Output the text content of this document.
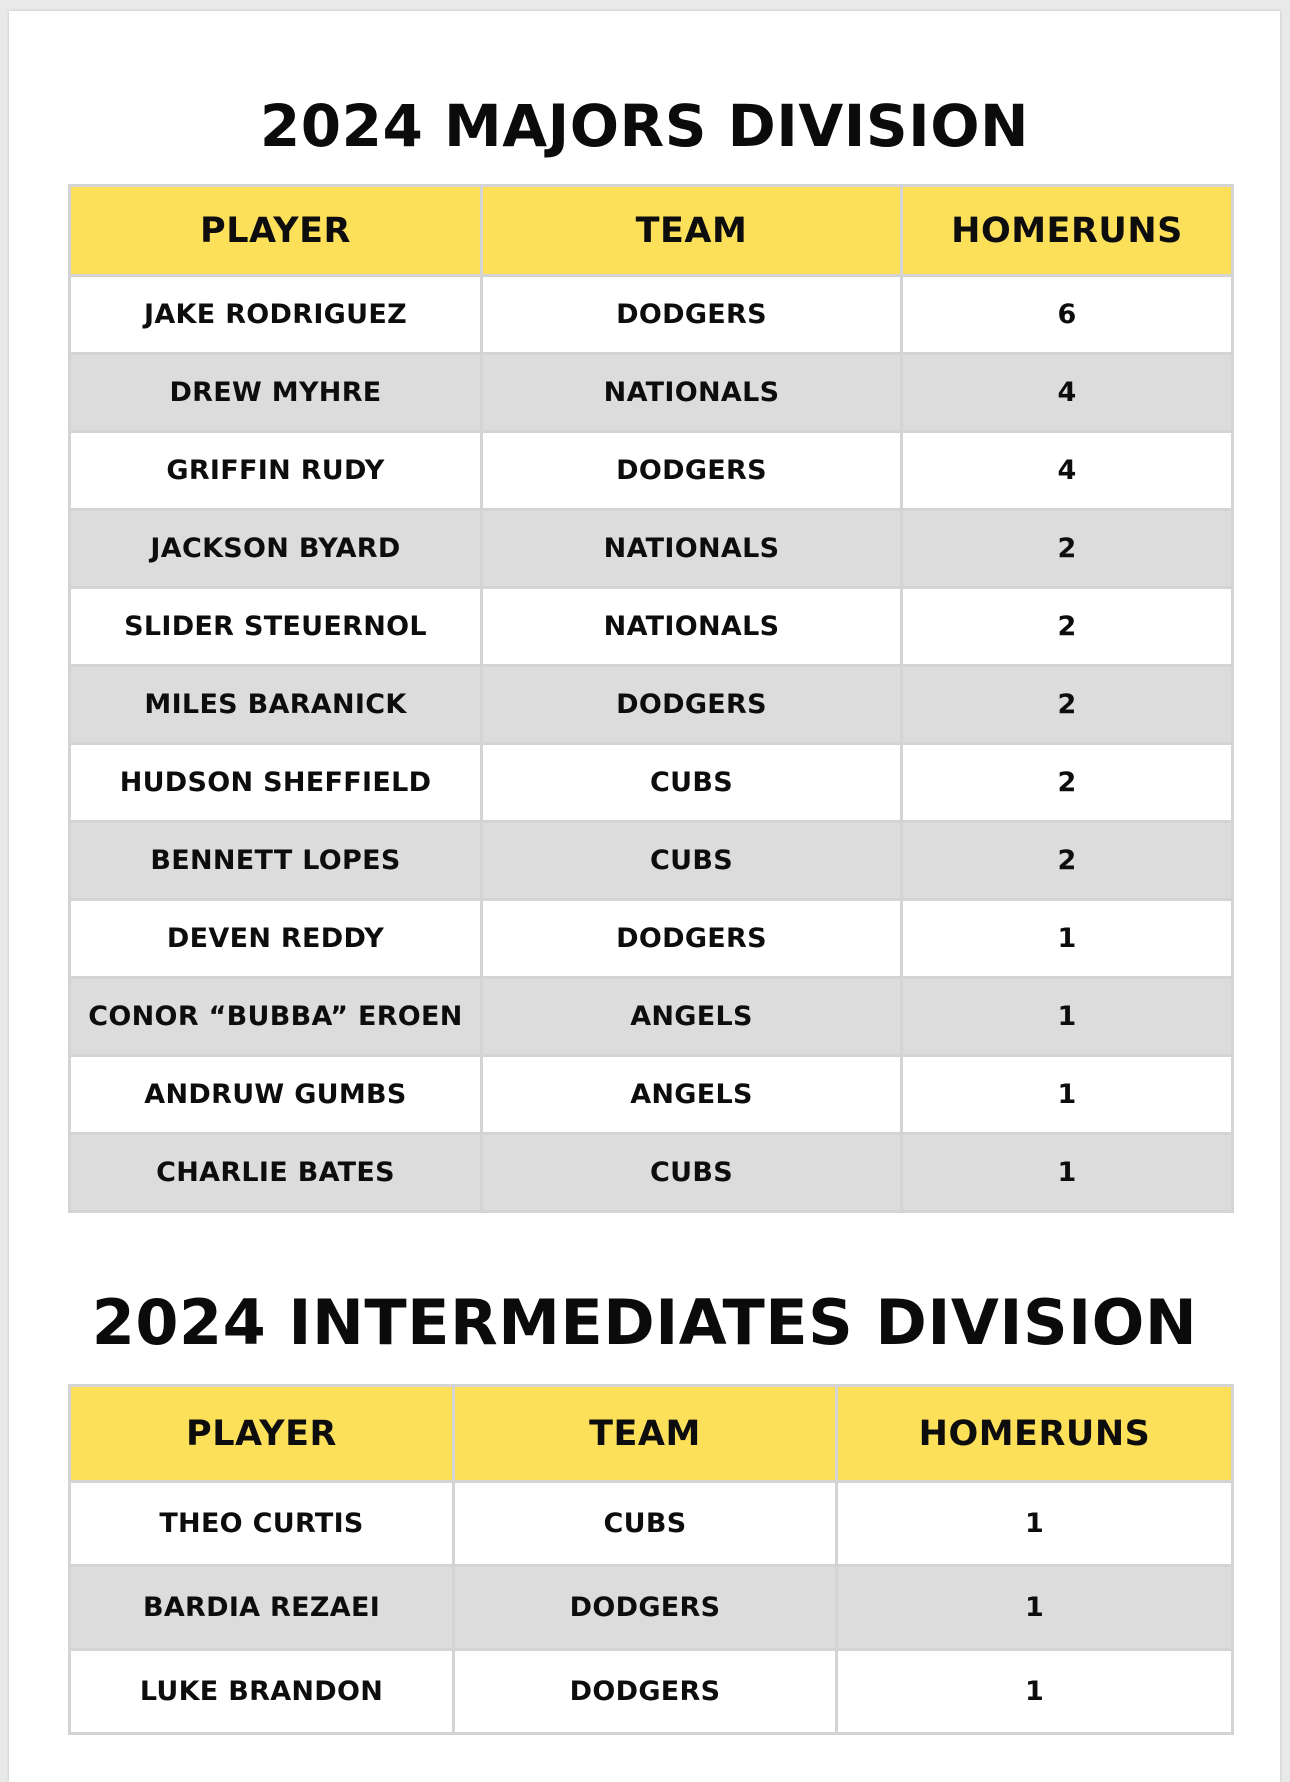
2024 MAJORS DIVISION
PLAYER	TEAM	HOMERUNS
JAKE RODRIGUEZ	DODGERS	6
DREW MYHRE	NATIONALS	4
GRIFFIN RUDY	DODGERS	4
JACKSON BYARD	NATIONALS	2
SLIDER STEUERNOL	NATIONALS	2
MILES BARANICK	DODGERS	2
HUDSON SHEFFIELD	CUBS	2
BENNETT LOPES	CUBS	2
DEVEN REDDY	DODGERS	1
CONOR “BUBBA” EROEN	ANGELS	1
ANDRUW GUMBS	ANGELS	1
CHARLIE BATES	CUBS	1
2024 INTERMEDIATES DIVISION
PLAYER	TEAM	HOMERUNS
THEO CURTIS	CUBS	1
BARDIA REZAEI	DODGERS	1
LUKE BRANDON	DODGERS	1
